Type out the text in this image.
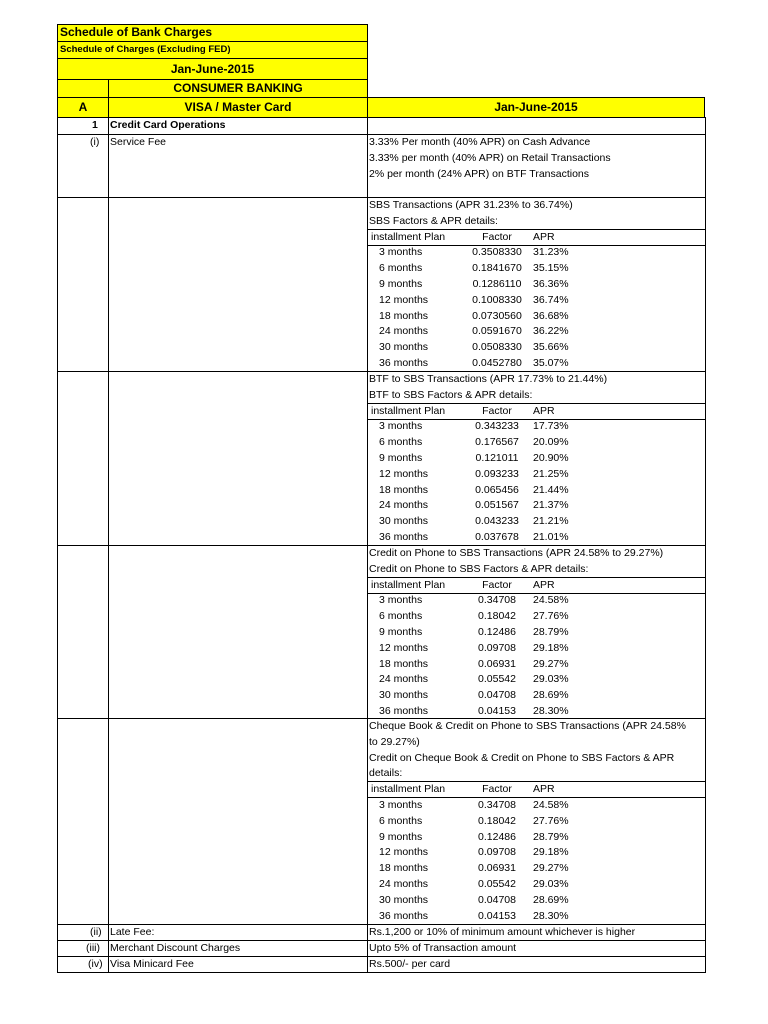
Schedule of Bank Charges
Schedule of Charges (Excluding FED)
Jan-June-2015
CONSUMER BANKING
A	VISA / Master Card	Jan-June-2015
1 Credit Card Operations
(i) Service Fee	3.33% Per month (40% APR) on Cash Advance
3.33% per month (40% APR) on Retail Transactions
2% per month (24% APR) on BTF Transactions
SBS Transactions (APR 31.23% to 36.74%)
SBS Factors & APR details:
installment Plan	Factor	APR
3 months	0.3508330	31.23%
6 months	0.1841670	35.15%
9 months	0.1286110	36.36%
12 months	0.1008330	36.74%
18 months	0.0730560	36.68%
24 months	0.0591670	36.22%
30 months	0.0508330	35.66%
36 months	0.0452780	35.07%
BTF to SBS Transactions (APR 17.73% to 21.44%)
BTF to SBS Factors & APR details:
installment Plan	Factor	APR
3 months	0.343233	17.73%
6 months	0.176567	20.09%
9 months	0.121011	20.90%
12 months	0.093233	21.25%
18 months	0.065456	21.44%
24 months	0.051567	21.37%
30 months	0.043233	21.21%
36 months	0.037678	21.01%
Credit on Phone to SBS Transactions (APR 24.58% to 29.27%)
Credit on Phone to SBS Factors & APR details:
installment Plan	Factor	APR
3 months	0.34708	24.58%
6 months	0.18042	27.76%
9 months	0.12486	28.79%
12 months	0.09708	29.18%
18 months	0.06931	29.27%
24 months	0.05542	29.03%
30 months	0.04708	28.69%
36 months	0.04153	28.30%
Cheque Book & Credit on Phone to SBS Transactions (APR 24.58%
to 29.27%)
Credit on Cheque Book & Credit on Phone to SBS Factors & APR
details:
installment Plan	Factor	APR
3 months	0.34708	24.58%
6 months	0.18042	27.76%
9 months	0.12486	28.79%
12 months	0.09708	29.18%
18 months	0.06931	29.27%
24 months	0.05542	29.03%
30 months	0.04708	28.69%
36 months	0.04153	28.30%
(ii) Late Fee:	Rs.1,200 or 10% of minimum amount whichever is higher
(iii) Merchant Discount Charges	Upto 5% of Transaction amount
(iv) Visa Minicard Fee	Rs.500/- per card
